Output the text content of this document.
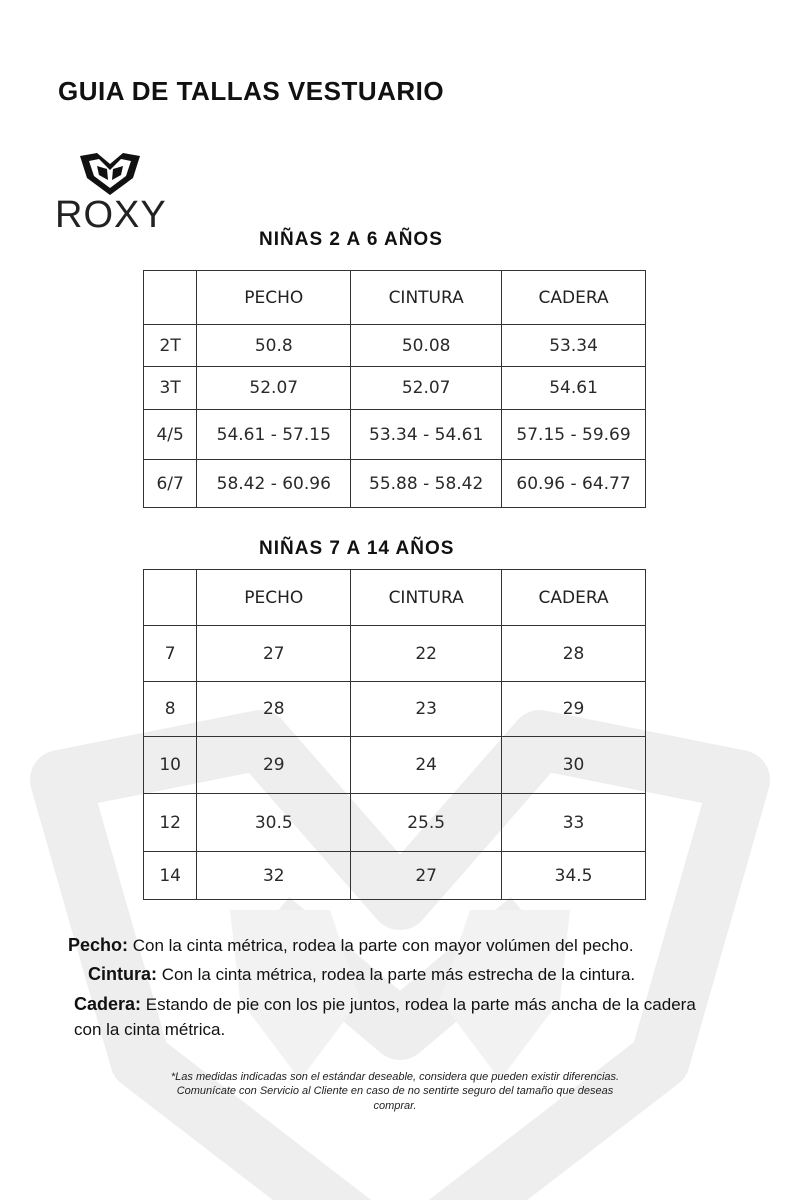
GUIA DE TALLAS VESTUARIO
ROXY
NIÑAS 2 A 6 AÑOS
	PECHO	CINTURA	CADERA
2T	50.8	50.08	53.34
3T	52.07	52.07	54.61
4/5	54.61 - 57.15	53.34 - 54.61	57.15 - 59.69
6/7	58.42 - 60.96	55.88 - 58.42	60.96 - 64.77
NIÑAS 7 A 14 AÑOS
	PECHO	CINTURA	CADERA
7	27	22	28
8	28	23	29
10	29	24	30
12	30.5	25.5	33
14	32	27	34.5
Pecho: Con la cinta métrica, rodea la parte con mayor volúmen del pecho.
Cintura: Con la cinta métrica, rodea la parte más estrecha de la cintura.
Cadera: Estando de pie con los pie juntos, rodea la parte más ancha de la cadera con la cinta métrica.
*Las medidas indicadas son el estándar deseable, considera que pueden existir diferencias. Comunícate con Servicio al Cliente en caso de no sentirte seguro del tamaño que deseas comprar.
